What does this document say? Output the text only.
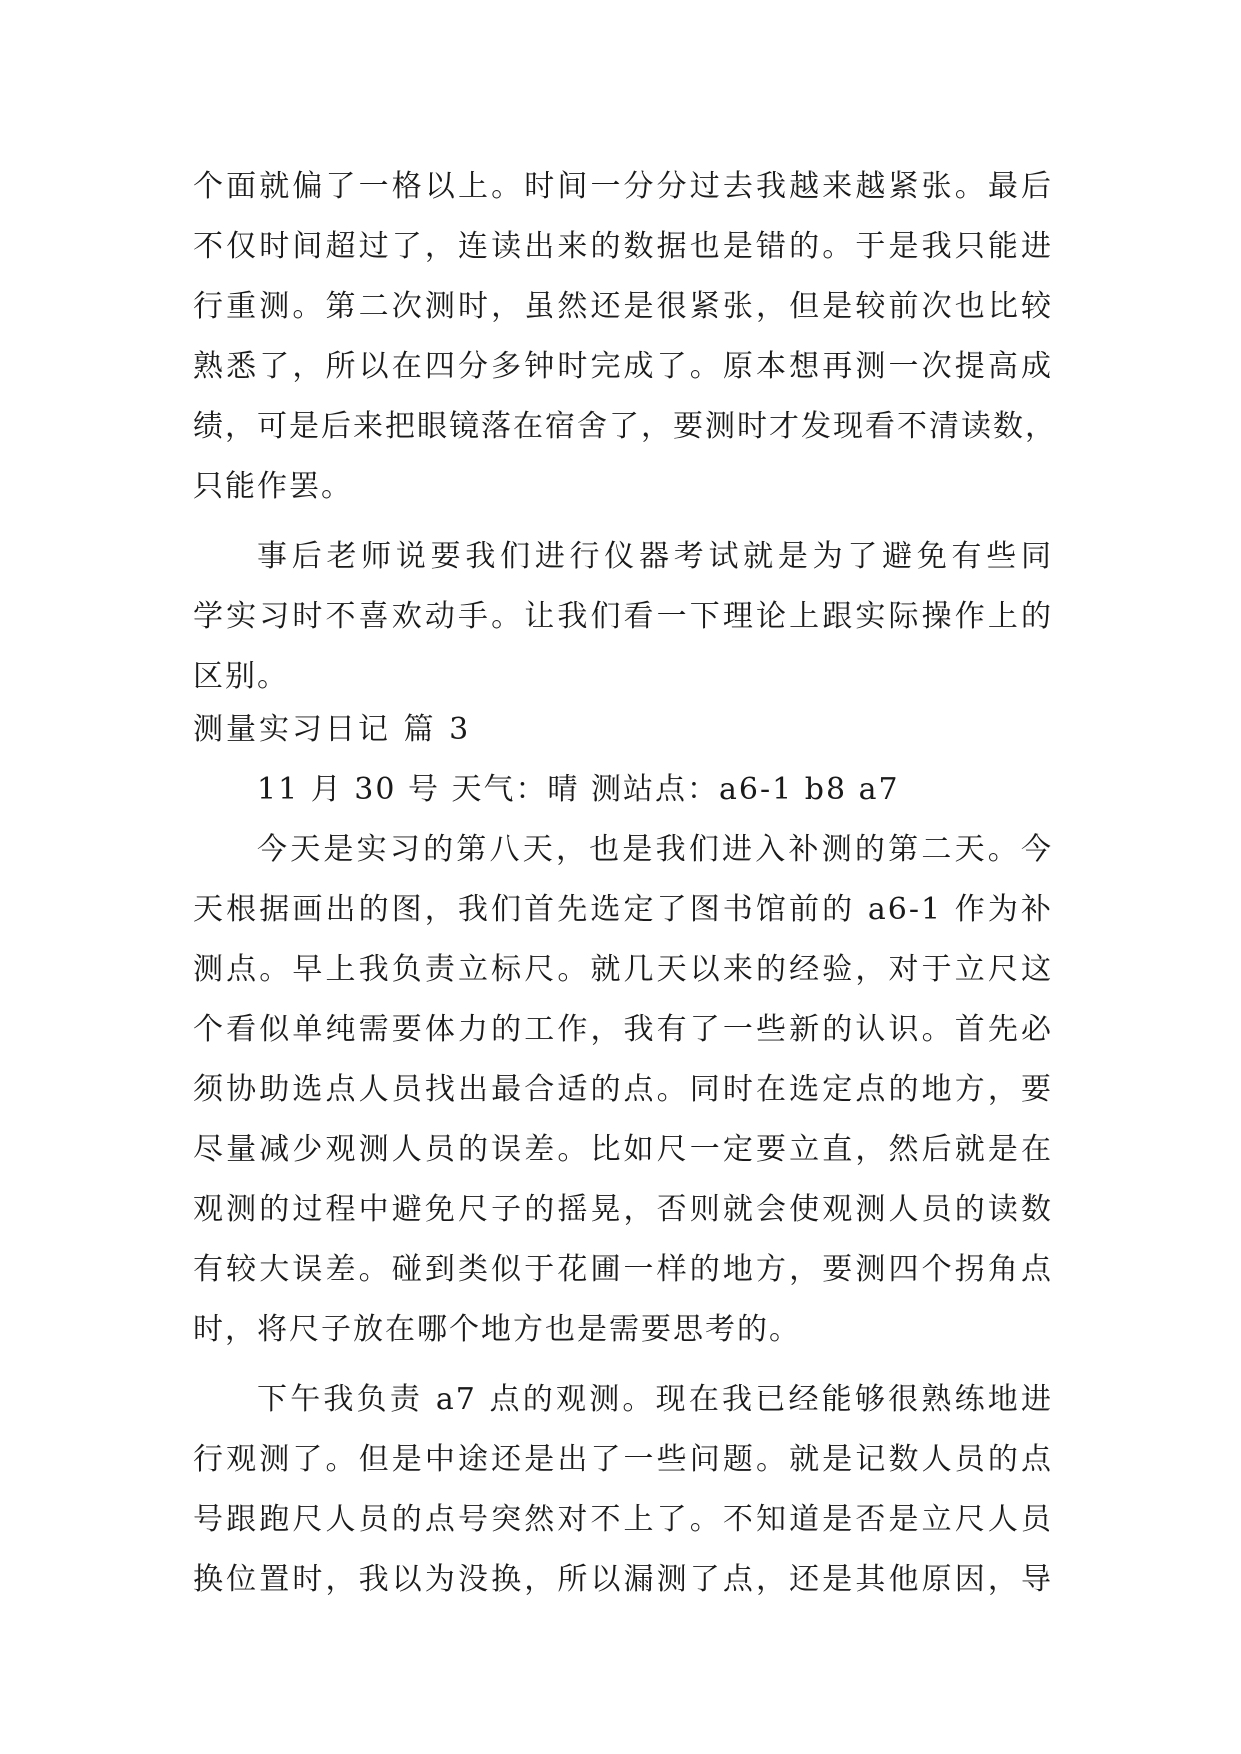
个面就偏了一格以上。时间一分分过去我越来越紧张。最后
不仅时间超过了，连读出来的数据也是错的。于是我只能进
行重测。第二次测时，虽然还是很紧张，但是较前次也比较
熟悉了，所以在四分多钟时完成了。原本想再测一次提高成
绩，可是后来把眼镜落在宿舍了，要测时才发现看不清读数，
只能作罢。
事后老师说要我们进行仪器考试就是为了避免有些同
学实习时不喜欢动手。让我们看一下理论上跟实际操作上的
区别。
测量实习日记 篇 3
11 月 30 号 天气：晴 测站点：a6-1 b8 a7
今天是实习的第八天，也是我们进入补测的第二天。今
天根据画出的图，我们首先选定了图书馆前的 a6-1 作为补
测点。早上我负责立标尺。就几天以来的经验，对于立尺这
个看似单纯需要体力的工作，我有了一些新的认识。首先必
须协助选点人员找出最合适的点。同时在选定点的地方，要
尽量减少观测人员的误差。比如尺一定要立直，然后就是在
观测的过程中避免尺子的摇晃，否则就会使观测人员的读数
有较大误差。碰到类似于花圃一样的地方，要测四个拐角点
时，将尺子放在哪个地方也是需要思考的。
下午我负责 a7 点的观测。现在我已经能够很熟练地进
行观测了。但是中途还是出了一些问题。就是记数人员的点
号跟跑尺人员的点号突然对不上了。不知道是否是立尺人员
换位置时，我以为没换，所以漏测了点，还是其他原因，导
